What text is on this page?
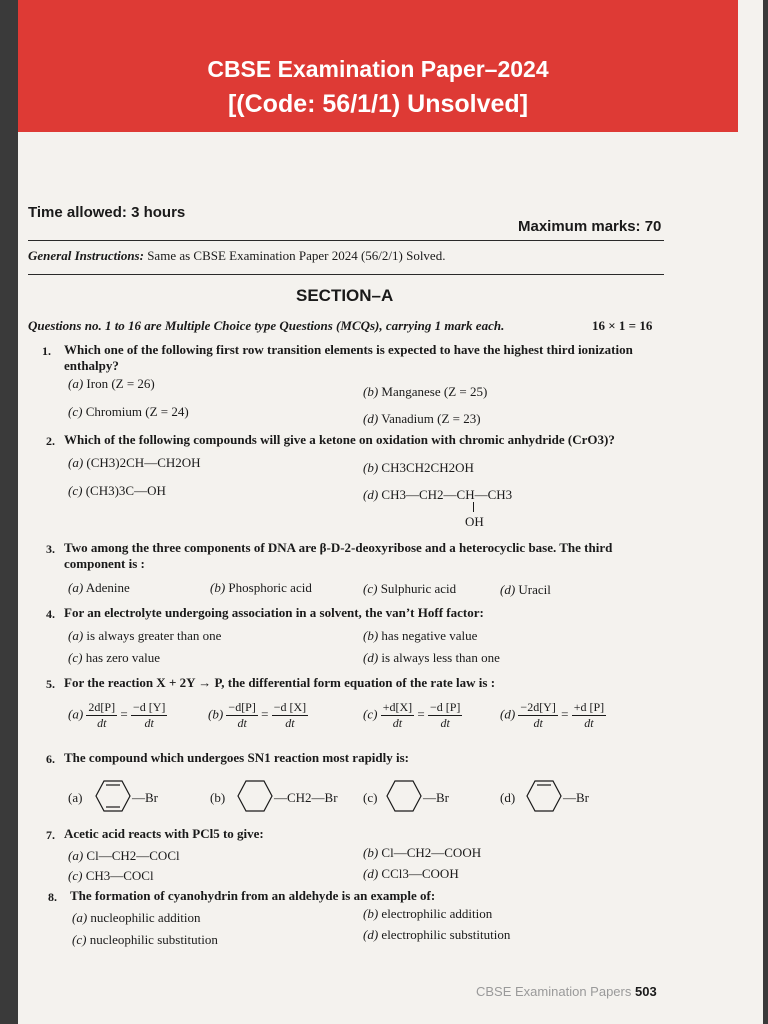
CBSE Examination Paper–2024
[(Code: 56/1/1) Unsolved]
Time allowed: 3 hours
Maximum marks: 70
General Instructions: Same as CBSE Examination Paper 2024 (56/2/1) Solved.
SECTION–A
Questions no. 1 to 16 are Multiple Choice type Questions (MCQs), carrying 1 mark each.	16 × 1 = 16
1. Which one of the following first row transition elements is expected to have the highest third ionization
enthalpy?
(a) Iron (Z = 26)
(b) Manganese (Z = 25)
(c) Chromium (Z = 24)	(d) Vanadium (Z = 23)
2. Which of the following compounds will give a ketone on oxidation with chromic anhydride (CrO3)?
(a) (CH3)2CH—CH2OH	(b) CH3CH2CH2OH
(c) (CH3)3C—OH	(d) CH3—CH2—CH—CH3
OH
3. Two among the three components of DNA are β-D-2-deoxyribose and a heterocyclic base. The third
component is :
(a) Adenine	(b) Phosphoric acid	(c) Sulphuric acid	(d) Uracil
4. For an electrolyte undergoing association in a solvent, the van’t Hoff factor:
(a) is always greater than one	(b) has negative value
(c) has zero value	(d) is always less than one
5. For the reaction X + 2Y → P, the differential form equation of the rate law is :
$(a) \frac{2d[P]}{dt} = \frac{-d [Y]}{dt}$	$(b) \frac{-d[P]}{dt} = \frac{-d [X]}{dt}$	$(c) \frac{+d[X]}{dt} = \frac{-d [P]}{dt}$	$(d) \frac{-2d[Y]}{dt} = \frac{+d [P]}{dt}$
6. The compound which undergoes SN1 reaction most rapidly is:
(a)	—Br	(b)	—CH2—Br (c)	—Br	(d)	—Br
7. Acetic acid reacts with PCl5 to give:
(a) Cl—CH2—COCl	(b) Cl—CH2—COOH
(c) CH3—COCl	(d) CCl3—COOH
8. The formation of cyanohydrin from an aldehyde is an example of:
(a) nucleophilic addition	(b) electrophilic addition
(c) nucleophilic substitution	(d) electrophilic substitution
CBSE Examination Papers 503
